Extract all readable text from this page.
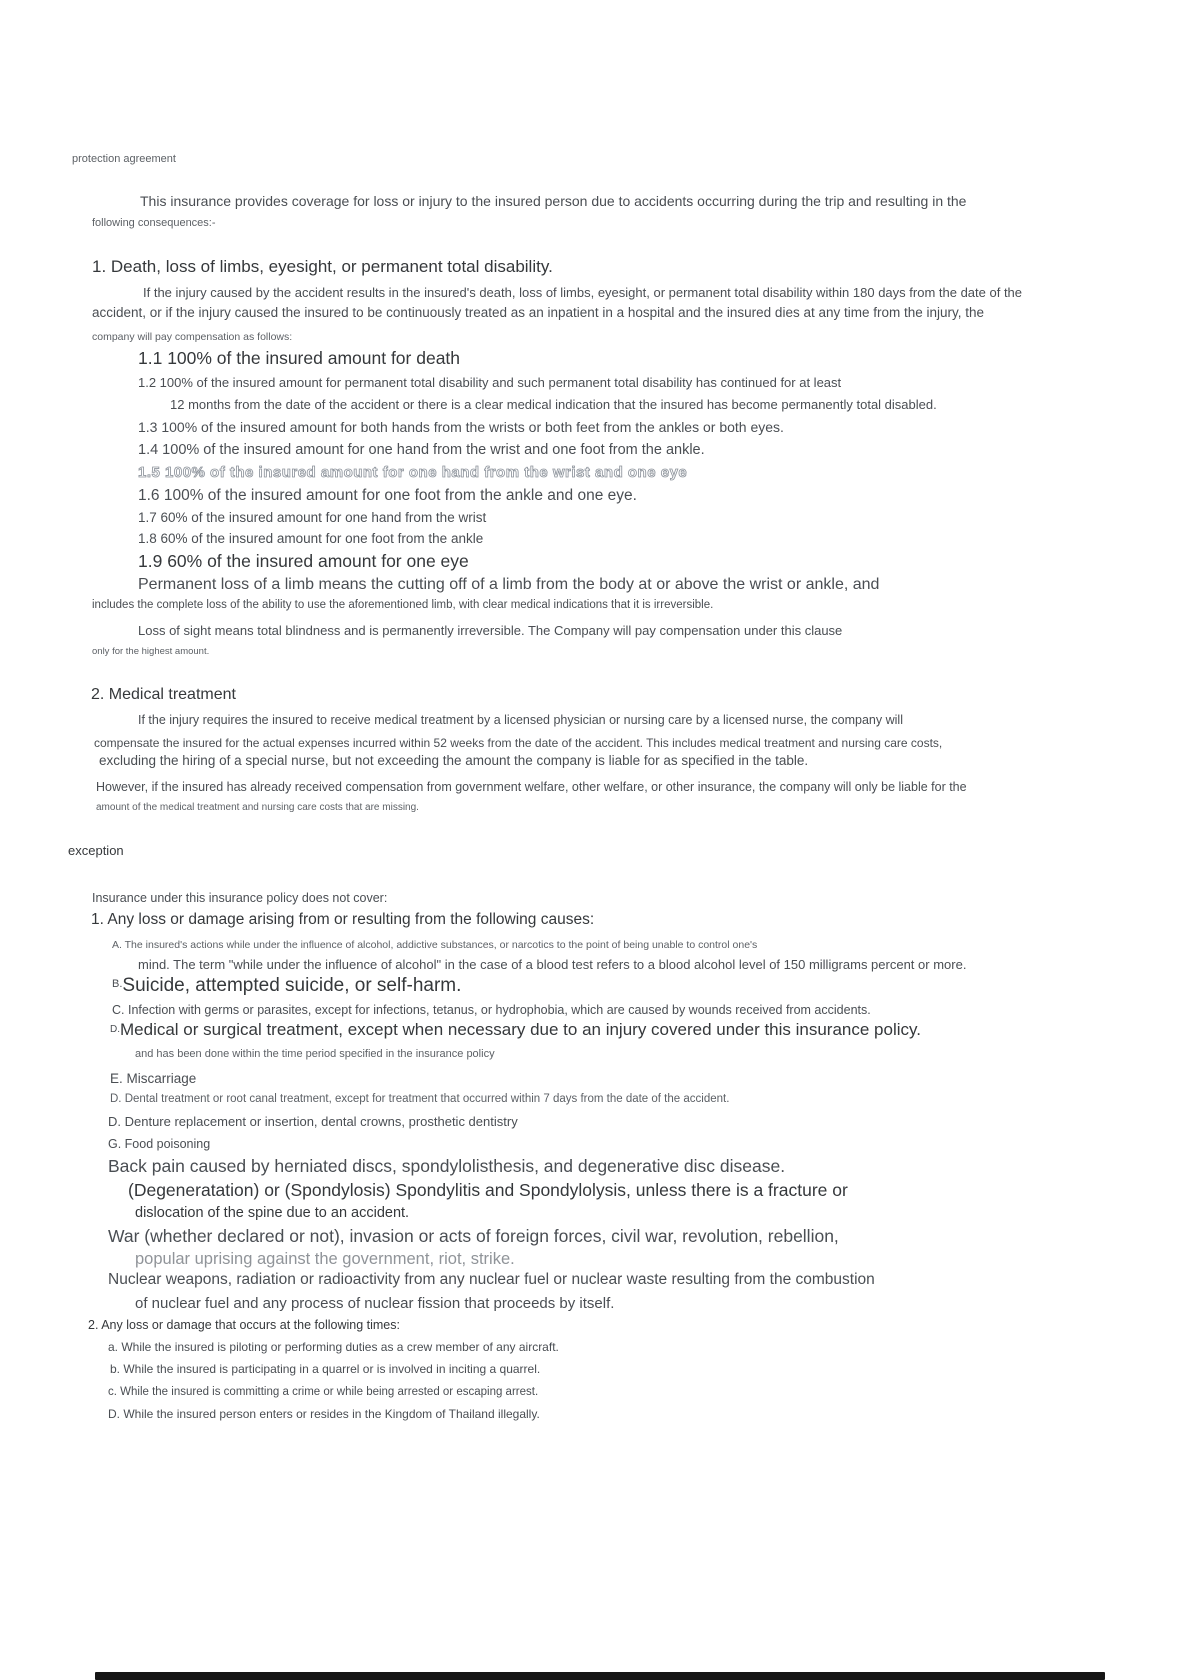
protection agreement
This insurance provides coverage for loss or injury to the insured person due to accidents occurring during the trip and resulting in the
following consequences:-
1. Death, loss of limbs, eyesight, or permanent total disability.
If the injury caused by the accident results in the insured's death, loss of limbs, eyesight, or permanent total disability within 180 days from the date of the
accident, or if the injury caused the insured to be continuously treated as an inpatient in a hospital and the insured dies at any time from the injury, the
company will pay compensation as follows:
1.1 100% of the insured amount for death
1.2 100% of the insured amount for permanent total disability and such permanent total disability has continued for at least
12 months from the date of the accident or there is a clear medical indication that the insured has become permanently total disabled.
1.3 100% of the insured amount for both hands from the wrists or both feet from the ankles or both eyes.
1.4 100% of the insured amount for one hand from the wrist and one foot from the ankle.
1.5 100% of the insured amount for one hand from the wrist and one eye
1.6 100% of the insured amount for one foot from the ankle and one eye.
1.7 60% of the insured amount for one hand from the wrist
1.8 60% of the insured amount for one foot from the ankle
1.9 60% of the insured amount for one eye
Permanent loss of a limb means the cutting off of a limb from the body at or above the wrist or ankle, and
includes the complete loss of the ability to use the aforementioned limb, with clear medical indications that it is irreversible.
Loss of sight means total blindness and is permanently irreversible. The Company will pay compensation under this clause
only for the highest amount.
2. Medical treatment
If the injury requires the insured to receive medical treatment by a licensed physician or nursing care by a licensed nurse, the company will
compensate the insured for the actual expenses incurred within 52 weeks from the date of the accident. This includes medical treatment and nursing care costs,
excluding the hiring of a special nurse, but not exceeding the amount the company is liable for as specified in the table.
However, if the insured has already received compensation from government welfare, other welfare, or other insurance, the company will only be liable for the
amount of the medical treatment and nursing care costs that are missing.
exception
Insurance under this insurance policy does not cover:
1. Any loss or damage arising from or resulting from the following causes:
A. The insured's actions while under the influence of alcohol, addictive substances, or narcotics to the point of being unable to control one's
mind. The term "while under the influence of alcohol" in the case of a blood test refers to a blood alcohol level of 150 milligrams percent or more.
$^{B.}$Suicide, attempted suicide, or self-harm.
C. Infection with germs or parasites, except for infections, tetanus, or hydrophobia, which are caused by wounds received from accidents.
D.Medical or surgical treatment, except when necessary due to an injury covered under this insurance policy.
and has been done within the time period specified in the insurance policy
E. Miscarriage
D. Dental treatment or root canal treatment, except for treatment that occurred within 7 days from the date of the accident.
D. Denture replacement or insertion, dental crowns, prosthetic dentistry
G. Food poisoning
Back pain caused by herniated discs, spondylolisthesis, and degenerative disc disease.
(Degeneratation) or (Spondylosis) Spondylitis and Spondylolysis, unless there is a fracture or
dislocation of the spine due to an accident.
War (whether declared or not), invasion or acts of foreign forces, civil war, revolution, rebellion,
popular uprising against the government, riot, strike.
Nuclear weapons, radiation or radioactivity from any nuclear fuel or nuclear waste resulting from the combustion
of nuclear fuel and any process of nuclear fission that proceeds by itself.
2. Any loss or damage that occurs at the following times:
a. While the insured is piloting or performing duties as a crew member of any aircraft.
b. While the insured is participating in a quarrel or is involved in inciting a quarrel.
c. While the insured is committing a crime or while being arrested or escaping arrest.
D. While the insured person enters or resides in the Kingdom of Thailand illegally.
